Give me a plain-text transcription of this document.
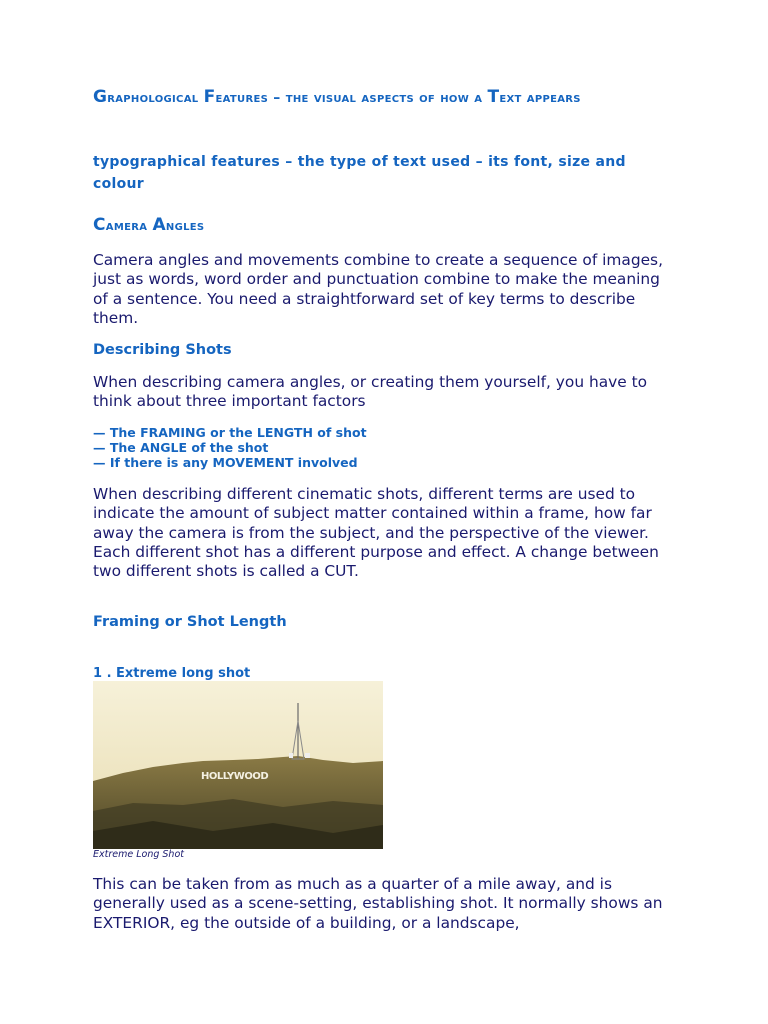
Graphological Features – the visual aspects of how a Text appears
typographical features – the type of text used – its font, size and colour
Camera Angles

Camera angles and movements combine to create a sequence of images, just as words, word order and punctuation combine to make the meaning of a sentence. You need a straightforward set of key terms to describe them.

Describing Shots

When describing camera angles, or creating them yourself, you have to think about three important factors

— The FRAMING or the LENGTH of shot
— The ANGLE of the shot
— If there is any MOVEMENT involved

When describing different cinematic shots, different terms are used to indicate the amount of subject matter contained within a frame, how far away the camera is from the subject, and the perspective of the viewer. Each different shot has a different purpose and effect. A change between two different shots is called a CUT.

Framing or Shot Length
1 . Extreme long shot
HOLLYWOOD
Extreme Long Shot

This can be taken from as much as a quarter of a mile away, and is generally used as a scene-setting, establishing shot. It normally shows an EXTERIOR, eg the outside of a building, or a landscape,
